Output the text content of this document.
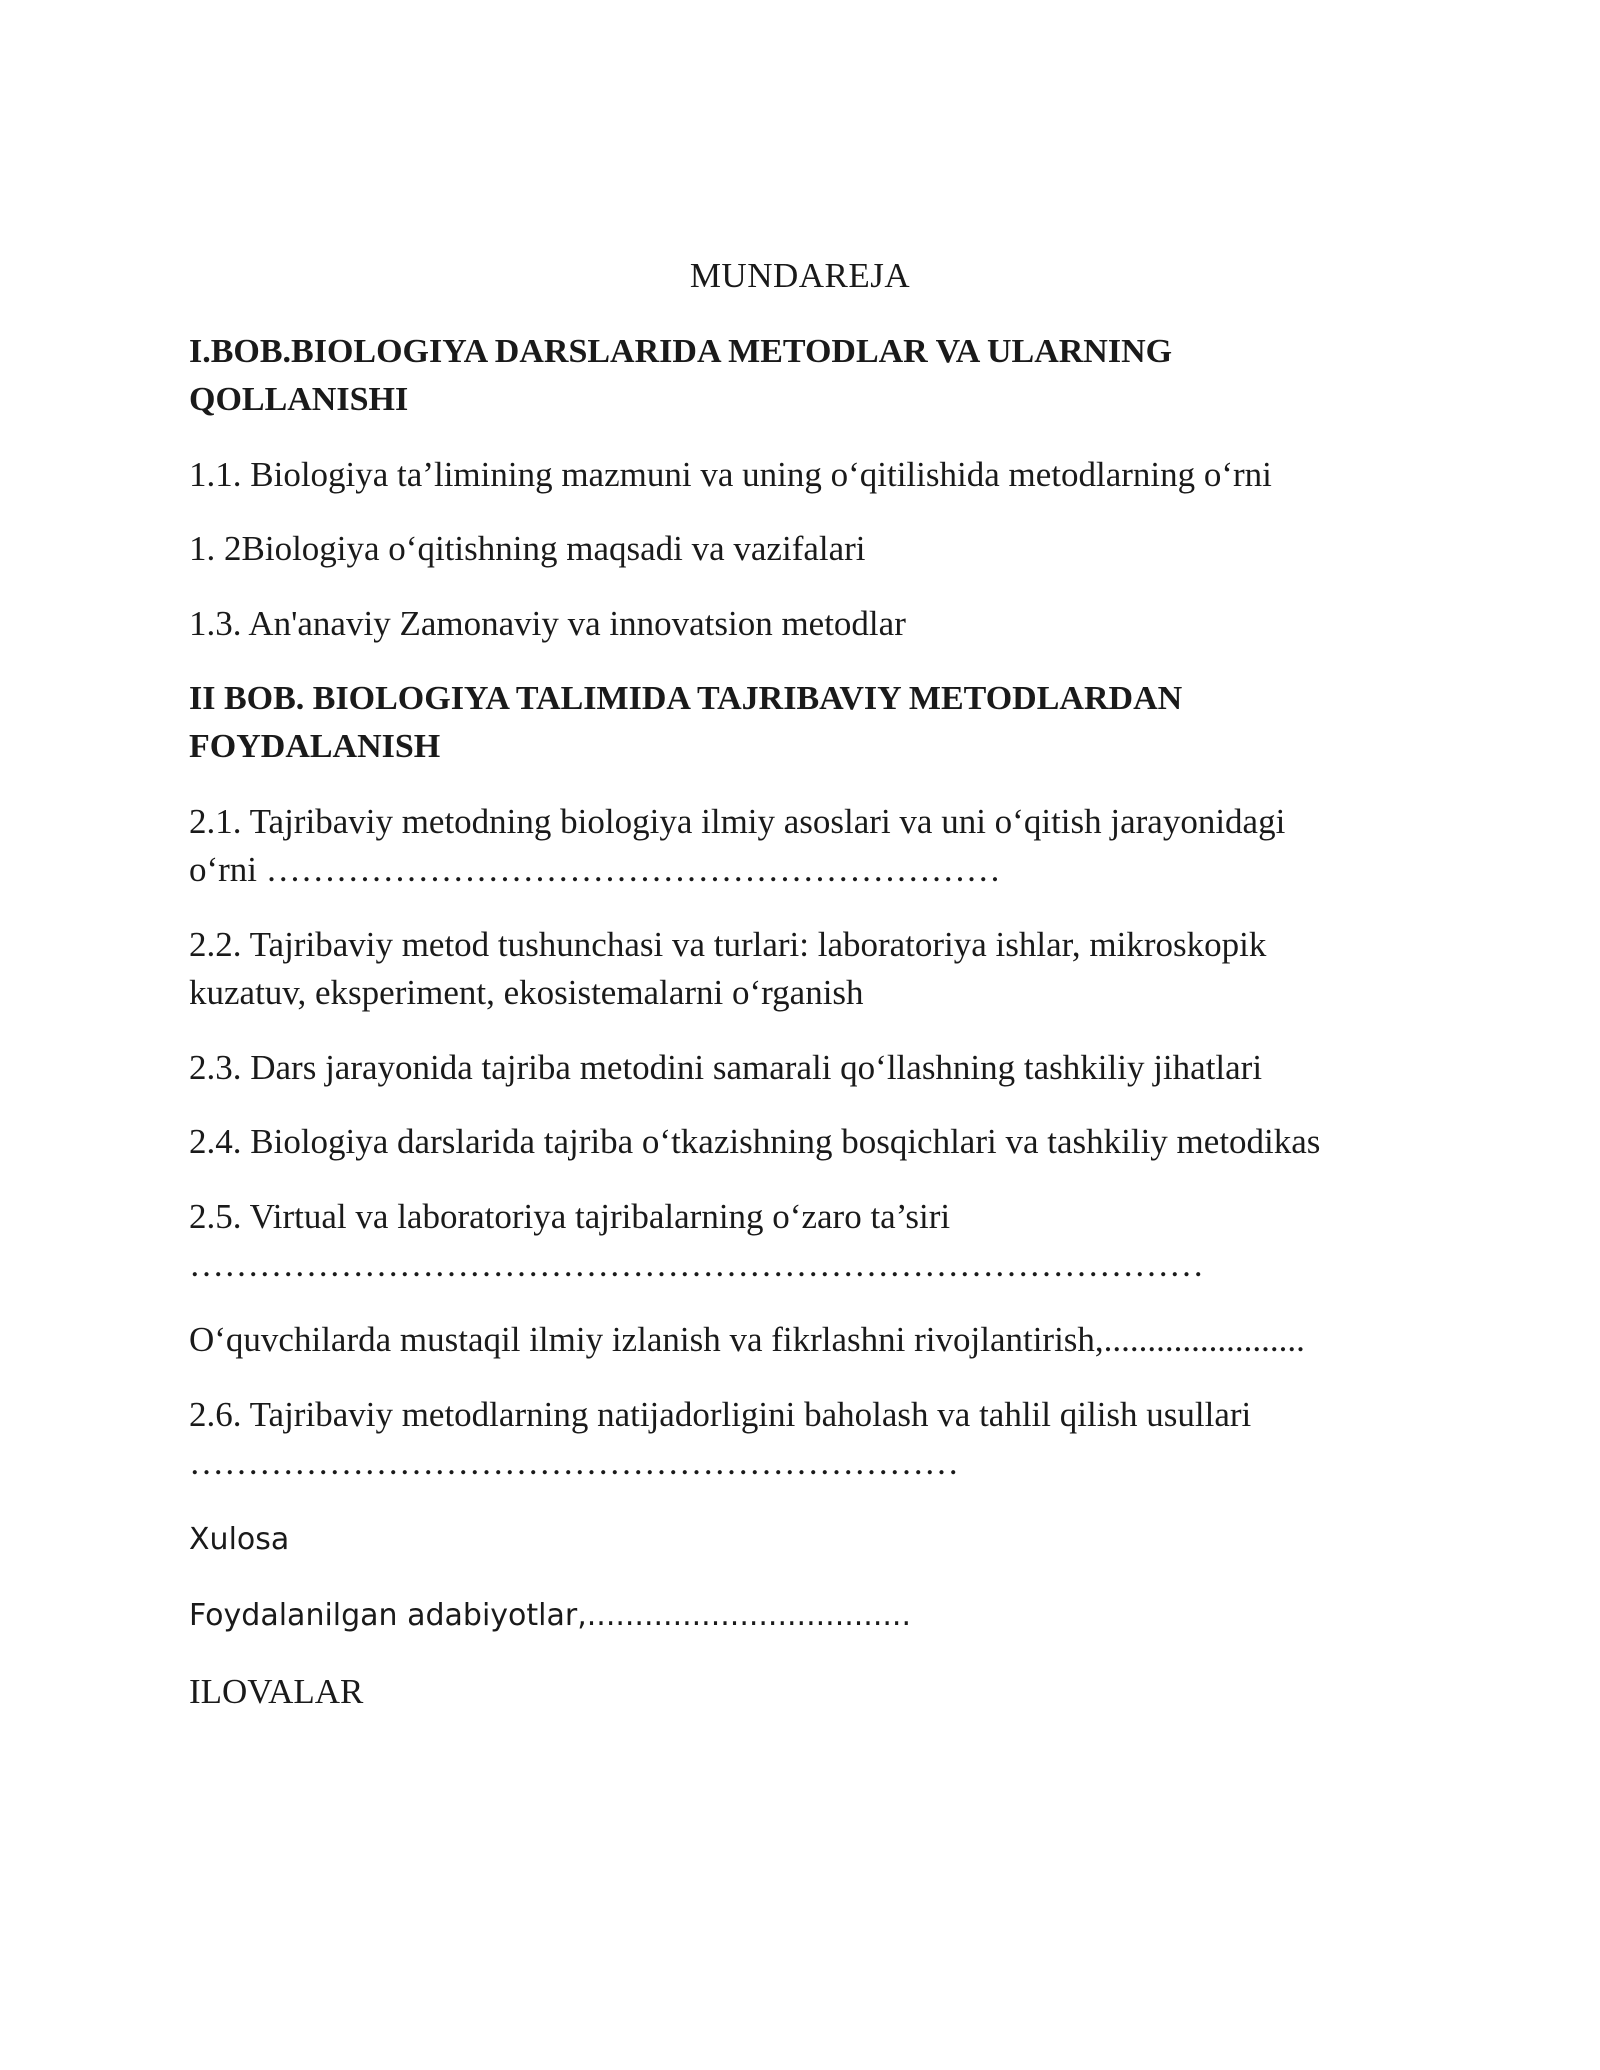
MUNDAREJA
I.BOB.BIOLOGIYA DARSLARIDA METODLAR VA ULARNING
QOLLANISHI
1.1. Biologiya ta’limining mazmuni va uning o‘qitilishida metodlarning o‘rni
1. 2Biologiya o‘qitishning maqsadi va vazifalari
1.3. An'anaviy Zamonaviy va innovatsion metodlar
II BOB. BIOLOGIYA TALIMIDA TAJRIBAVIY METODLARDAN
FOYDALANISH
2.1. Tajribaviy metodning biologiya ilmiy asoslari va uni o‘qitish jarayonidagi
o‘rni ………………………………………………………
2.2. Tajribaviy metod tushunchasi va turlari: laboratoriya ishlar, mikroskopik
kuzatuv, eksperiment, ekosistemalarni o‘rganish
2.3. Dars jarayonida tajriba metodini samarali qo‘llashning tashkiliy jihatlari
2.4. Biologiya darslarida tajriba o‘tkazishning bosqichlari va tashkiliy metodikas
2.5. Virtual va laboratoriya tajribalarning o‘zaro ta’siri
……………………………………………………………………………
O‘quvchilarda mustaqil ilmiy izlanish va fikrlashni rivojlantirish,.......................
2.6. Tajribaviy metodlarning natijadorligini baholash va tahlil qilish usullari
…………………………………………………………
Xulosa
Foydalanilgan adabiyotlar,..................................
ILOVALAR
